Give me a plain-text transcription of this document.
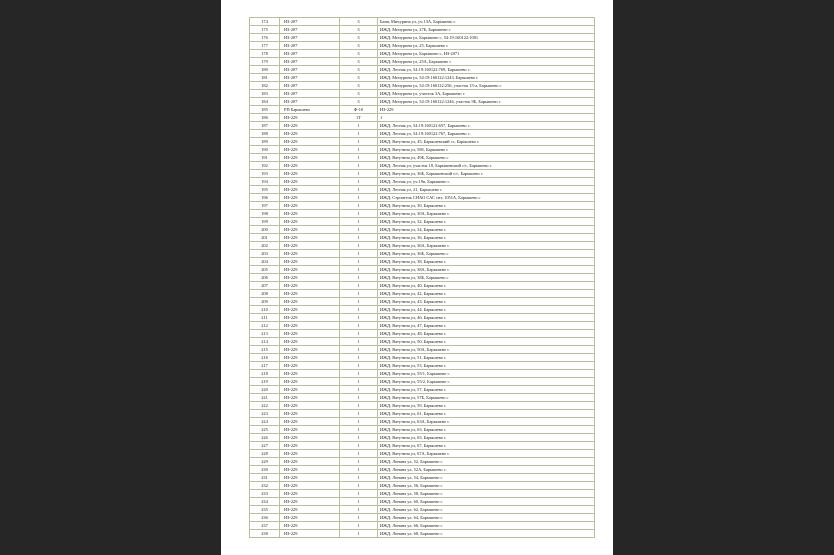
174	НЗ-207	3	Баня, Мичурина ул, уч.13А, Барышево с
175	НЗ-207	3	ИЖД, Мичурина ул, 27Б, Барышево с
176	НЗ-207	3	ИЖД, Мичурина ул, Барышево с, 54:19:160122:1001
177	НЗ-207	3	ИЖД, Мичурина ул, 25, Барышево с
178	НЗ-207	3	ИЖД, Мичурина ул, Барышево с, НЗ-2071
179	НЗ-207	3	ИЖД, Мичурина ул, 25А, Барышево с
180	НЗ-207	3	ИЖД, Лесная ул, 54:19:160122:769, Барышево с
181	НЗ-207	3	ИЖД, Мичурина ул, 54:19:160122:1243, Барышево с
182	НЗ-207	3	ИЖД, Мичурина ул, 54:19:160122:256, участок 15-а, Барышево с
183	НЗ-207	3	ИЖД, Мичурина ул, участок 3А, Барышево с
184	НЗ-207	3	ИЖД, Мичурина ул, 54:19:160122:1246, участок 9Б, Барышево с
185	РП Барышево	Ф-10	НЗ-229
186	НЗ-229	1Т	1
187	НЗ-229	1	ИЖД, Лесная ул, 54:19:160122:657, Барышево с
188	НЗ-229	1	ИЖД, Лесная ул, 54:19:160122:767, Барышево с
189	НЗ-229	1	ИЖД, Ватутина ул, 45, Барышевский сс, Барышево с
190	НЗ-229	1	ИЖД, Ватутина ул, 58б, Барышево с
191	НЗ-229	1	ИЖД, Ватутина ул, 49Б, Барышево с
192	НЗ-229	1	ИЖД, Лесная ул, участок 18, Барышевский с/с, Барышево с
193	НЗ-229	1	ИЖД, Ватутина ул, 36Б, Барышевский с/с, Барышево с
194	НЗ-229	1	ИЖД, Лесная ул, уч.19в, Барышево с
195	НЗ-229	1	ИЖД, Лесная ул, 21, Барышево с
196	НЗ-229	1	ИЖД, Строитель СНАО САС снт, 1051А, Барышево с
197	НЗ-229	1	ИЖД, Ватутина ул, 30, Барышево с
198	НЗ-229	1	ИЖД, Ватутина ул, 30А, Барышево с
199	НЗ-229	1	ИЖД, Ватутина ул, 32, Барышево с
200	НЗ-229	1	ИЖД, Ватутина ул, 34, Барышево с
201	НЗ-229	1	ИЖД, Ватутина ул, 36, Барышево с
202	НЗ-229	1	ИЖД, Ватутина ул, 36А, Барышево с
203	НЗ-229	1	ИЖД, Ватутина ул, 36Б, Барышево с
204	НЗ-229	1	ИЖД, Ватутина ул, 38, Барышево с
205	НЗ-229	1	ИЖД, Ватутина ул, 38А, Барышево с
206	НЗ-229	1	ИЖД, Ватутина ул, 38Б, Барышево с
207	НЗ-229	1	ИЖД, Ватутина ул, 40, Барышево с
208	НЗ-229	1	ИЖД, Ватутина ул, 42, Барышево с
209	НЗ-229	1	ИЖД, Ватутина ул, 43, Барышево с
210	НЗ-229	1	ИЖД, Ватутина ул, 44, Барышево с
211	НЗ-229	1	ИЖД, Ватутина ул, 46, Барышево с
212	НЗ-229	1	ИЖД, Ватутина ул, 47, Барышево с
213	НЗ-229	1	ИЖД, Ватутина ул, 48, Барышево с
214	НЗ-229	1	ИЖД, Ватутина ул, 50, Барышево с
215	НЗ-229	1	ИЖД, Ватутина ул, 50А, Барышево с
216	НЗ-229	1	ИЖД, Ватутина ул, 51, Барышево с
217	НЗ-229	1	ИЖД, Ватутина ул, 53, Барышево с
218	НЗ-229	1	ИЖД, Ватутина ул, 55/1, Барышево с
219	НЗ-229	1	ИЖД, Ватутина ул, 55/2, Барышево с
220	НЗ-229	1	ИЖД, Ватутина ул, 57, Барышево с
221	НЗ-229	1	ИЖД, Ватутина ул, 57Б, Барышево с
222	НЗ-229	1	ИЖД, Ватутина ул, 59, Барышево с
223	НЗ-229	1	ИЖД, Ватутина ул, 61, Барышево с
224	НЗ-229	1	ИЖД, Ватутина ул, 63А, Барышево с
225	НЗ-229	1	ИЖД, Ватутина ул, 63, Барышево с
226	НЗ-229	1	ИЖД, Ватутина ул, 65, Барышево с
227	НЗ-229	1	ИЖД, Ватутина ул, 67, Барышево с
228	НЗ-229	1	ИЖД, Ватутина ул, 67А, Барышево с
229	НЗ-229	1	ИЖД, Ленина ул, 52, Барышево с
230	НЗ-229	1	ИЖД, Ленина ул, 52А, Барышево с
231	НЗ-229	1	ИЖД, Ленина ул, 54, Барышево с
232	НЗ-229	1	ИЖД, Ленина ул, 56, Барышево с
233	НЗ-229	1	ИЖД, Ленина ул, 58, Барышево с
234	НЗ-229	1	ИЖД, Ленина ул, 60, Барышево с
235	НЗ-229	1	ИЖД, Ленина ул, 62, Барышево с
236	НЗ-229	1	ИЖД, Ленина ул, 64, Барышево с
237	НЗ-229	1	ИЖД, Ленина ул, 66, Барышево с
238	НЗ-229	1	ИЖД, Ленина ул, 68, Барышево с
